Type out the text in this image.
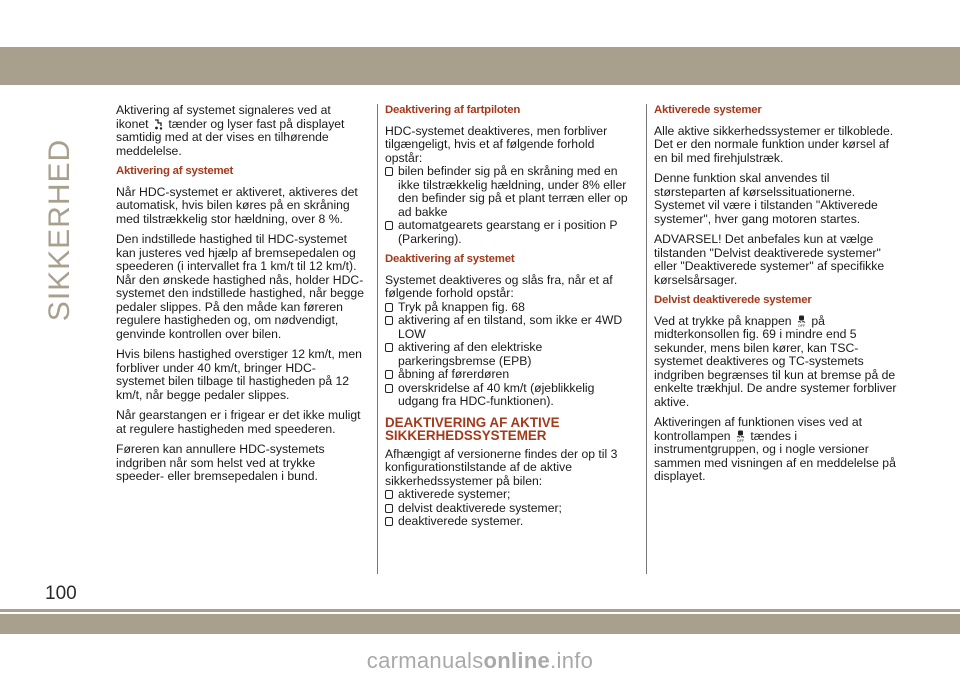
SIKKERHED

Aktivering af systemet signaleres ved at ikonet tænder og lyser fast på displayet samtidig med at der vises en tilhørende meddelelse.

Aktivering af systemet

Når HDC-systemet er aktiveret, aktiveres det automatisk, hvis bilen køres på en skråning med tilstrækkelig stor hældning, over 8 %.

Den indstillede hastighed til HDC-systemet kan justeres ved hjælp af bremsepedalen og speederen (i intervallet fra 1 km/t til 12 km/t). Når den ønskede hastighed nås, holder HDC-systemet den indstillede hastighed, når begge pedaler slippes. På den måde kan føreren regulere hastigheden og, om nødvendigt, genvinde kontrollen over bilen.

Hvis bilens hastighed overstiger 12 km/t, men forbliver under 40 km/t, bringer HDC-systemet bilen tilbage til hastigheden på 12 km/t, når begge pedaler slippes.

Når gearstangen er i frigear er det ikke muligt at regulere hastigheden med speederen.

Føreren kan annullere HDC-systemets indgriben når som helst ved at trykke speeder- eller bremsepedalen i bund.

Deaktivering af fartpiloten

HDC-systemet deaktiveres, men forbliver tilgængeligt, hvis et af følgende forhold opstår:

bilen befinder sig på en skråning med en ikke tilstrækkelig hældning, under 8% eller den befinder sig på et plant terræn eller op ad bakke
automatgearets gearstang er i position P (Parkering).
Deaktivering af systemet

Systemet deaktiveres og slås fra, når et af følgende forhold opstår:

Tryk på knappen fig. 68
aktivering af en tilstand, som ikke er 4WD LOW
aktivering af den elektriske parkeringsbremse (EPB)
åbning af førerdøren
overskridelse af 40 km/t (øjeblikkelig udgang fra HDC-funktionen).
DEAKTIVERING AF AKTIVE SIKKERHEDSSYSTEMER

Afhængigt af versionerne findes der op til 3 konfigurationstilstande af de aktive sikkerhedssystemer på bilen:

aktiverede systemer;
delvist deaktiverede systemer;
deaktiverede systemer.
Aktiverede systemer

Alle aktive sikkerhedssystemer er tilkoblede. Det er den normale funktion under kørsel af en bil med firehjulstræk.

Denne funktion skal anvendes til størsteparten af kørselssituationerne. Systemet vil være i tilstanden "Aktiverede systemer", hver gang motoren startes.

ADVARSEL! Det anbefales kun at vælge tilstanden "Delvist deaktiverede systemer" eller "Deaktiverede systemer" af specifikke kørselsårsager.

Delvist deaktiverede systemer

Ved at trykke på knappen OFF på midterkonsollen fig. 69 i mindre end 5 sekunder, mens bilen kører, kan TSC-systemet deaktiveres og TC-systemets indgriben begrænses til kun at bremse på de enkelte trækhjul. De andre systemer forbliver aktive.

Aktiveringen af funktionen vises ved at kontrollampen OFF tændes i instrumentgruppen, og i nogle versioner sammen med visningen af en meddelelse på displayet.

100
carmanualsonline.info
